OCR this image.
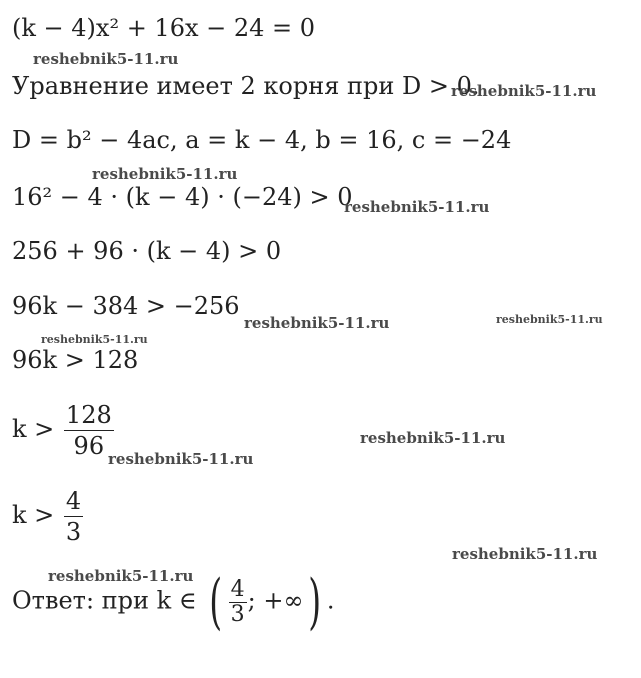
(k − 4)x² + 16x − 24 = 0
Уравнение имеет 2 корня при D > 0.
D = b² − 4ac, a = k − 4, b = 16, c = −24
16² − 4 · (k − 4) · (−24) > 0
256 + 96 · (k − 4) > 0
96k − 384 > −256
96k > 128
$k > \frac{128}{96}$
$k > \frac{4}{3}$
Ответ: при k ∈ ( $\frac{4}{3}$ ; +∞) .
reshebnik5-11.ru
reshebnik5-11.ru
reshebnik5-11.ru
reshebnik5-11.ru
reshebnik5-11.ru	reshebnik5-11.ru
reshebnik5-11.ru
reshebnik5-11.ru
reshebnik5-11.ru
reshebnik5-11.ru
reshebnik5-11.ru
